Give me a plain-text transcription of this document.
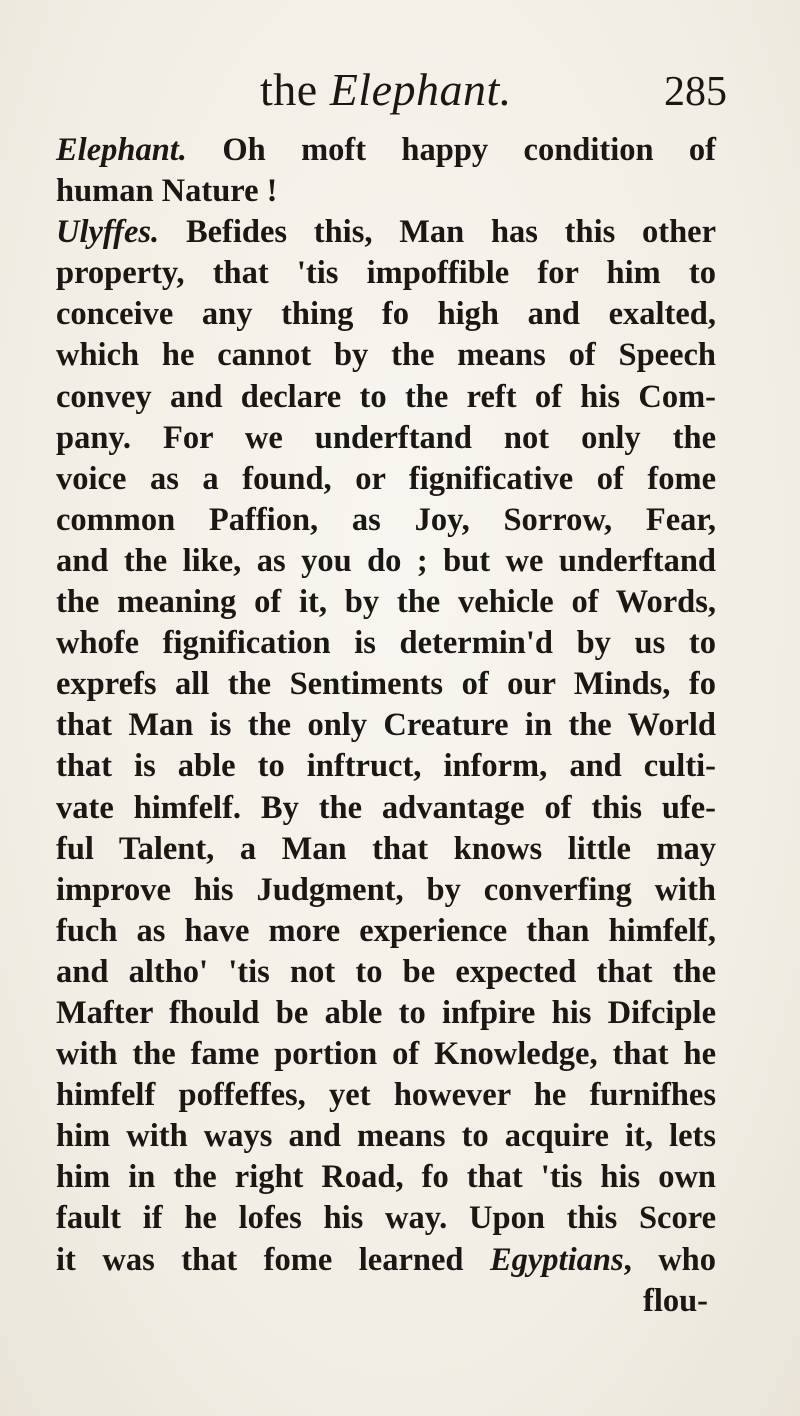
the Elephant.	285
Elephant. Oh moft happy condition of
human Nature !
Ulyffes. Befides this, Man has this other
property, that 'tis impoffible for him to
conceive any thing fo high and exalted,
which he cannot by the means of Speech
convey and declare to the reft of his Com-
pany. For we underftand not only the
voice as a found, or fignificative of fome
common Paffion, as Joy, Sorrow, Fear,
and the like, as you do ; but we underftand
the meaning of it, by the vehicle of Words,
whofe fignification is determin'd by us to
exprefs all the Sentiments of our Minds, fo
that Man is the only Creature in the World
that is able to inftruct, inform, and culti-
vate himfelf. By the advantage of this ufe-
ful Talent, a Man that knows little may
improve his Judgment, by converfing with
fuch as have more experience than himfelf,
and altho' 'tis not to be expected that the
Mafter fhould be able to infpire his Difciple
with the fame portion of Knowledge, that he
himfelf poffeffes, yet however he furnifhes
him with ways and means to acquire it, lets
him in the right Road, fo that 'tis his own
fault if he lofes his way. Upon this Score
it was that fome learned Egyptians, who
flou-
